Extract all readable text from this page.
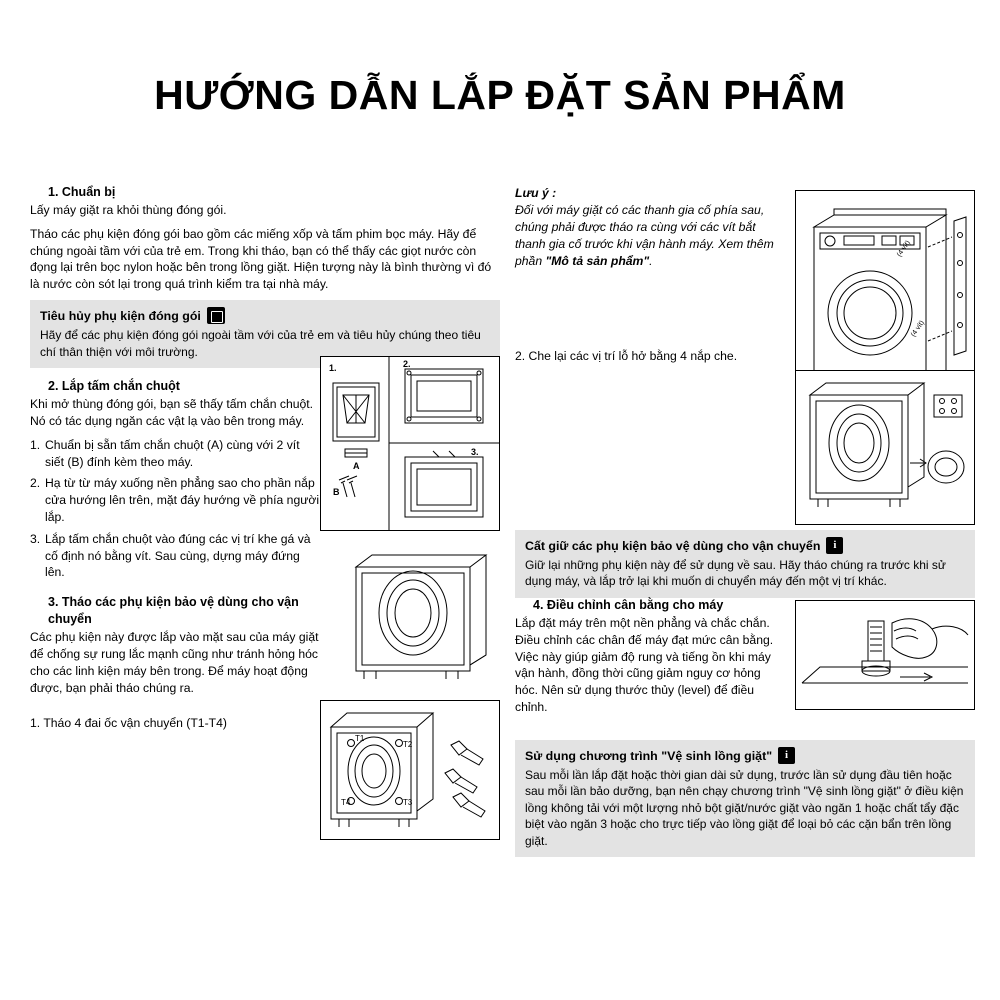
HƯỚNG DẪN LẮP ĐẶT SẢN PHẨM
1. Chuẩn bị

Lấy máy giặt ra khỏi thùng đóng gói.

Tháo các phụ kiện đóng gói bao gồm các miếng xốp và tấm phim bọc máy. Hãy để chúng ngoài tầm với của trẻ em. Trong khi tháo, bạn có thể thấy các giọt nước còn đọng lại trên bọc nylon hoặc bên trong lồng giặt. Hiện tượng này là bình thường vì đó là nước còn sót lại trong quá trình kiểm tra tại nhà máy.

Tiêu hủy phụ kiện đóng gói
Hãy để các phụ kiện đóng gói ngoài tầm với của trẻ em và tiêu hủy chúng theo tiêu chí thân thiện với môi trường.
2. Lắp tấm chắn chuột

Khi mở thùng đóng gói, bạn sẽ thấy tấm chắn chuột. Nó có tác dụng ngăn các vật lạ vào bên trong máy.

1. Chuẩn bị sẵn tấm chắn chuột (A) cùng với 2 vít siết (B) đính kèm theo máy.
2. Hạ từ từ máy xuống nền phẳng sao cho phần nắp cửa hướng lên trên, mặt đáy hướng về phía người lắp.
3. Lắp tấm chắn chuột vào đúng các vị trí khe gá và cố định nó bằng vít. Sau cùng, dựng máy đứng lên.
3. Tháo các phụ kiện bảo vệ dùng cho vận
chuyển

Các phụ kiện này được lắp vào mặt sau của máy giặt để chống sự rung lắc mạnh cũng như tránh hỏng hóc cho các linh kiện máy bên trong. Để máy hoạt động được, bạn phải tháo chúng ra.

1. Tháo 4 đai ốc vận chuyển (T1-T4)

Lưu ý :
Đối với máy giặt có các thanh gia cố phía sau, chúng phải được tháo ra cùng với các vít bắt thanh gia cố trước khi vận hành máy. Xem thêm phần "Mô tả sản phẩm".

2. Che lại các vị trí lỗ hở bằng 4 nắp che.

Cất giữ các phụ kiện bảo vệ dùng cho vận chuyển	i
Giữ lại những phụ kiện này để sử dụng về sau. Hãy tháo chúng ra trước khi sử dụng máy, và lắp trở lại khi muốn di chuyển máy đến một vị trí khác.
4. Điều chỉnh cân bằng cho máy

Lắp đặt máy trên một nền phẳng và chắc chắn. Điều chỉnh các chân đế máy đạt mức cân bằng. Việc này giúp giảm độ rung và tiếng ồn khi máy vận hành, đồng thời cũng giảm nguy cơ hỏng hóc. Nên sử dụng thước thủy (level) để điều chỉnh.

Sử dụng chương trình "Vệ sinh lồng giặt"	i
Sau mỗi lần lắp đặt hoặc thời gian dài sử dụng, trước lần sử dụng đầu tiên hoặc sau mỗi lần bảo dưỡng, bạn nên chạy chương trình "Vệ sinh lồng giặt" ở điều kiện lồng không tải với một lượng nhỏ bột giặt/nước giặt vào ngăn 1 hoặc chất tẩy đặc biệt vào ngăn 3 hoặc cho trực tiếp vào lồng giặt để loại bỏ các cặn bẩn trên lồng giặt.
(4 vít)
(4 vít)
1.	2.
3.
A
B
T1
T2
T4	T3
